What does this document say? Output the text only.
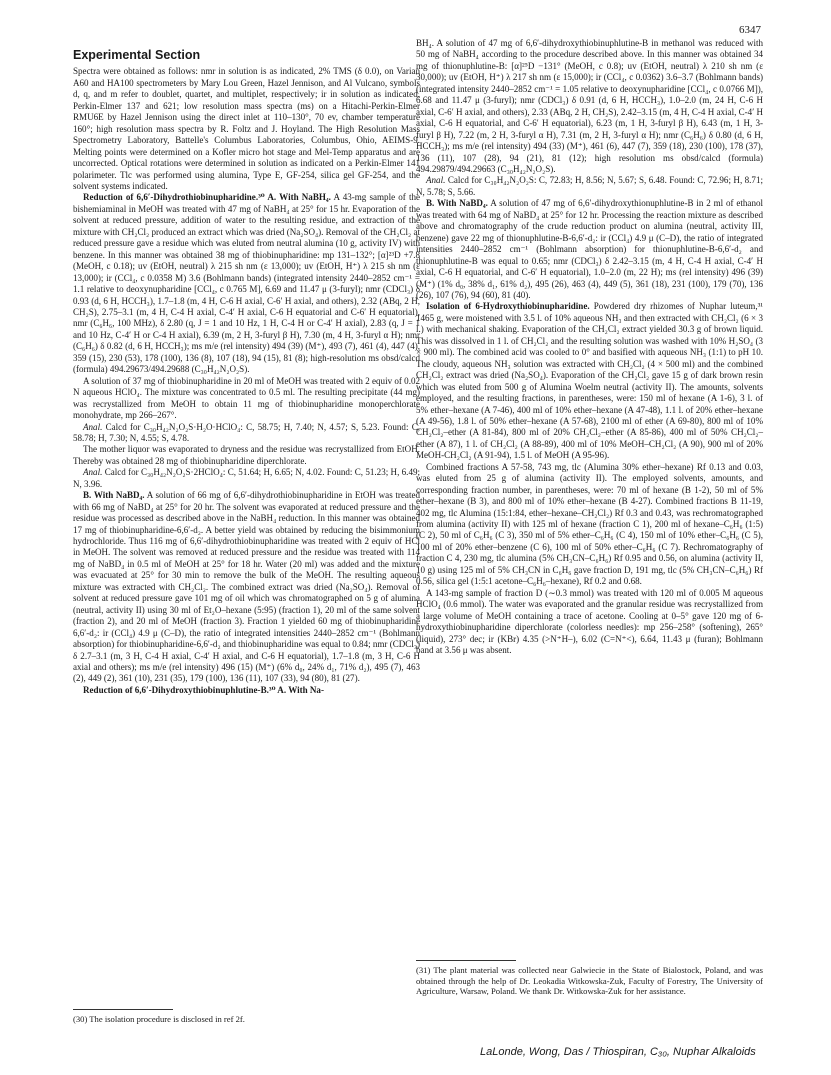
6347
Experimental Section

Spectra were obtained as follows: nmr in solution is as indicated, 2% TMS (δ 0.0), on Varian A60 and HA100 spectrometers by Mary Lou Green, Hazel Jennison, and Al Vulcano, symbols d, q, and m refer to doublet, quartet, and multiplet, respectively; ir in solution as indicated, Perkin-Elmer 137 and 621; low resolution mass spectra (ms) on a Hitachi-Perkin-Elmer RMU6E by Hazel Jennison using the direct inlet at 110–130°, 70 ev, chamber temperature 160°; high resolution mass spectra by R. Foltz and J. Hoyland. The High Resolution Mass Spectrometry Laboratory, Battelle's Columbus Laboratories, Columbus, Ohio, AEIMS-9. Melting points were determined on a Kofler micro hot stage and Mel-Temp apparatus and are uncorrected. Optical rotations were determined in solution as indicated on a Perkin-Elmer 141 polarimeter. Tlc was performed using alumina, Type E, GF-254, silica gel GF-254, and the solvent systems indicated.

Reduction of 6,6′-Dihydrothiobinupharidine.³⁰ A. With NaBH₄. A 43-mg sample of the bishemiaminal in MeOH was treated with 47 mg of NaBH₄ at 25° for 15 hr. Evaporation of the solvent at reduced pressure, addition of water to the resulting residue, and extraction of the mixture with CH₂Cl₂ produced an extract which was dried (Na₂SO₄). Removal of the CH₂Cl₂ at reduced pressure gave a residue which was eluted from neutral alumina (10 g, activity IV) with benzene. In this manner was obtained 38 mg of thiobinupharidine: mp 131–132°; [α]²³D +7.8 (MeOH, c 0.18); uv (EtOH, neutral) λ 215 sh nm (ε 13,000); uv (EtOH, H⁺) λ 215 sh nm (ε 13,000); ir (CCl₄, c 0.0358 M) 3.6 (Bohlmann bands) (integrated intensity 2440–2852 cm⁻¹ = 1.1 relative to deoxynupharidine [CCl₄, c 0.765 M], 6.69 and 11.47 μ (3-furyl); nmr (CDCl₃) δ 0.93 (d, 6 H, HCCH₃), 1.7–1.8 (m, 4 H, C-6 H axial, C-6′ H axial, and others), 2.32 (ABq, 2 H, CH₂S), 2.75–3.1 (m, 4 H, C-4 H axial, C-4′ H axial, C-6 H equatorial and C-6′ H equatorial), nmr (C₆H₆, 100 MHz), δ 2.80 (q, J = 1 and 10 Hz, 1 H, C-4 H or C-4′ H axial), 2.83 (q, J = 1 and 10 Hz, C-4′ H or C-4 H axial), 6.39 (m, 2 H, 3-furyl β H), 7.30 (m, 4 H, 3-furyl α H); nmr (C₆H₆) δ 0.82 (d, 6 H, HCCH₃); ms m/e (rel intensity) 494 (39) (M⁺), 493 (7), 461 (4), 447 (4), 359 (15), 230 (53), 178 (100), 136 (8), 107 (18), 94 (15), 81 (8); high-resolution ms obsd/calcd (formula) 494.29673/494.29688 (C₃₀H₄₂N₂O₂S).

A solution of 37 mg of thiobinupharidine in 20 ml of MeOH was treated with 2 equiv of 0.02 N aqueous HClO₄. The mixture was concentrated to 0.5 ml. The resulting precipitate (44 mg) was recrystallized from MeOH to obtain 11 mg of thiobinupharidine monoperchlorate monohydrate, mp 266–267°.

Anal. Calcd for C₃₀H₄₂N₂O₂S·H₂O·HClO₄: C, 58.75; H, 7.40; N, 4.57; S, 5.23. Found: C, 58.78; H, 7.30; N, 4.55; S, 4.78.

The mother liquor was evaporated to dryness and the residue was recrystallized from EtOH. Thereby was obtained 28 mg of thiobinupharidine diperchlorate.

Anal. Calcd for C₃₀H₄₂N₂O₂S·2HClO₄: C, 51.64; H, 6.65; N, 4.02. Found: C, 51.23; H, 6.49; N, 3.96.

B. With NaBD₄. A solution of 66 mg of 6,6′-dihydrothiobinupharidine in EtOH was treated with 66 mg of NaBD₄ at 25° for 20 hr. The solvent was evaporated at reduced pressure and the residue was processed as described above in the NaBH₄ reduction. In this manner was obtained 17 mg of thiobinupharidine-6,6′-d₂. A better yield was obtained by reducing the bisimmonium hydrochloride. Thus 116 mg of 6,6′-dihydrothiobinupharidine was treated with 2 equiv of HCl in MeOH. The solvent was removed at reduced pressure and the residue was treated with 114 mg of NaBD₄ in 0.5 ml of MeOH at 25° for 18 hr. Water (20 ml) was added and the mixture was evacuated at 25° for 30 min to remove the bulk of the MeOH. The resulting aqueous mixture was extracted with CH₂Cl₂. The combined extract was dried (Na₂SO₄). Removal of solvent at reduced pressure gave 101 mg of oil which was chromatographed on 5 g of alumina (neutral, activity II) using 30 ml of Et₂O–hexane (5:95) (fraction 1), 20 ml of the same solvent (fraction 2), and 20 ml of MeOH (fraction 3). Fraction 1 yielded 60 mg of thiobinupharidine 6,6′-d₂: ir (CCl₄) 4.9 μ (C–D), the ratio of integrated intensities 2440–2852 cm⁻¹ (Bohlmann absorption) for thiobinupharidine-6,6′-d₂ and thiobinupharidine was equal to 0.84; nmr (CDCl₃) δ 2.7–3.1 (m, 3 H, C-4 H axial, C-4′ H axial, and C-6 H equatorial), 1.7–1.8 (m, 3 H, C-6 H axial and others); ms m/e (rel intensity) 496 (15) (M⁺) (6% d₀, 24% d₁, 71% d₂), 495 (7), 463 (2), 449 (2), 361 (10), 231 (35), 179 (100), 136 (11), 107 (33), 94 (80), 81 (27).

Reduction of 6,6′-Dihydroxythiobinuphlutine-B.³⁰ A. With Na-

BH₄. A solution of 47 mg of 6,6′-dihydroxythiobinuphlutine-B in methanol was reduced with 50 mg of NaBH₄ according to the procedure described above. In this manner was obtained 34 mg of thionuphlutine-B: [α]²⁵D −131° (MeOH, c 0.8); uv (EtOH, neutral) λ 210 sh nm (ε 30,000); uv (EtOH, H⁺) λ 217 sh nm (ε 15,000); ir (CCl₄, c 0.0362) 3.6–3.7 (Bohlmann bands) (integrated intensity 2440–2852 cm⁻¹ = 1.05 relative to deoxynupharidine [CCl₄, c 0.0766 M]), 6.68 and 11.47 μ (3-furyl); nmr (CDCl₃) δ 0.91 (d, 6 H, HCCH₃), 1.0–2.0 (m, 24 H, C-6 H axial, C-6′ H axial, and others), 2.33 (ABq, 2 H, CH₂S), 2.42–3.15 (m, 4 H, C-4 H axial, C-4′ H axial, C-6 H equatorial, and C-6′ H equatorial), 6.23 (m, 1 H, 3-furyl β H), 6.43 (m, 1 H, 3-furyl β H), 7.22 (m, 2 H, 3-furyl α H), 7.31 (m, 2 H, 3-furyl α H); nmr (C₆H₆) δ 0.80 (d, 6 H, HCCH₃); ms m/e (rel intensity) 494 (33) (M⁺), 461 (6), 447 (7), 359 (18), 230 (100), 178 (37), 136 (11), 107 (28), 94 (21), 81 (12); high resolution ms obsd/calcd (formula) 494.29879/494.29663 (C₃₀H₄₂N₂O₂S).

Anal. Calcd for C₃₀H₄₂N₂O₂S: C, 72.83; H, 8.56; N, 5.67; S, 6.48. Found: C, 72.96; H, 8.71; N, 5.78; S, 5.66.

B. With NaBD₄. A solution of 47 mg of 6,6′-dihydroxythionuphlutine-B in 2 ml of ethanol was treated with 64 mg of NaBD₄ at 25° for 12 hr. Processing the reaction mixture as described above and chromatography of the crude reduction product on alumina (neutral, activity III, benzene) gave 22 mg of thionuphlutine-B-6,6′-d₂: ir (CCl₄) 4.9 μ (C–D), the ratio of integrated intensities 2440–2852 cm⁻¹ (Bohlmann absorption) for thionuphlutine-B-6,6′-d₂ and thionuphlutine-B was equal to 0.65; nmr (CDCl₃) δ 2.42–3.15 (m, 4 H, C-4 H axial, C-4′ H axial, C-6 H equatorial, and C-6′ H equatorial), 1.0–2.0 (m, 22 H); ms (rel intensity) 496 (39) (M⁺) (1% d₀, 38% d₁, 61% d₂), 495 (26), 463 (4), 449 (5), 361 (18), 231 (100), 179 (70), 136 (26), 107 (76), 94 (60), 81 (40).

Isolation of 6-Hydroxythiobinupharidine. Powdered dry rhizomes of Nuphar luteum,³¹ 1465 g, were moistened with 3.5 l. of 10% aqueous NH₃ and then extracted with CH₂Cl₂ (6 × 3 l.) with mechanical shaking. Evaporation of the CH₂Cl₂ extract yielded 30.3 g of brown liquid. This was dissolved in 1 l. of CH₂Cl₂ and the resulting solution was washed with 10% H₂SO₄ (3 × 900 ml). The combined acid was cooled to 0° and basified with aqueous NH₃ (1:1) to pH 10. The cloudy, aqueous NH₃ solution was extracted with CH₂Cl₂ (4 × 500 ml) and the combined CH₂Cl₂ extract was dried (Na₂SO₄). Evaporation of the CH₂Cl₂ gave 15 g of dark brown resin which was eluted from 500 g of Alumina Woelm neutral (activity II). The amounts, solvents employed, and the resulting fractions, in parentheses, were: 150 ml of hexane (A 1-6), 3 l. of 5% ether–hexane (A 7-46), 400 ml of 10% ether–hexane (A 47-48), 1.1 l. of 20% ether–hexane (A 49-56), 1.8 l. of 50% ether–hexane (A 57-68), 2100 ml of ether (A 69-80), 800 ml of 10% CH₂Cl₂–ether (A 81-84), 800 ml of 20% CH₂Cl₂–ether (A 85-86), 400 ml of 50% CH₂Cl₂–ether (A 87), 1 l. of CH₂Cl₂ (A 88-89), 400 ml of 10% MeOH–CH₂Cl₂ (A 90), 900 ml of 20% MeOH-CH₂Cl₂ (A 91-94), 1.5 l. of MeOH (A 95-96).

Combined fractions A 57-58, 743 mg, tlc (Alumina 30% ether–hexane) Rf 0.13 and 0.03, was eluted from 25 g of alumina (activity II). The employed solvents, amounts, and corresponding fraction number, in parentheses, were: 70 ml of hexane (B 1-2), 50 ml of 5% ether–hexane (B 3), and 800 ml of 10% ether–hexane (B 4-27). Combined fractions B 11-19, 402 mg, tlc Alumina (15:1:84, ether–hexane–CH₂Cl₂) Rf 0.3 and 0.43, was rechromatographed from alumina (activity II) with 125 ml of hexane (fraction C 1), 200 ml of hexane–C₆H₆ (1:5) (C 2), 50 ml of C₆H₆ (C 3), 350 ml of 5% ether–C₆H₆ (C 4), 150 ml of 10% ether–C₆H₆ (C 5), 100 ml of 20% ether–benzene (C 6), 100 ml of 50% ether–C₆H₆ (C 7). Rechromatography of fraction C 4, 230 mg, tlc alumina (5% CH₃CN–C₆H₆) Rf 0.95 and 0.56, on alumina (activity II, 10 g) using 125 ml of 5% CH₃CN in C₆H₆ gave fraction D, 191 mg, tlc (5% CH₃CN–C₆H₆) Rf 0.56, silica gel (1:5:1 acetone–C₆H₆–hexane), Rf 0.2 and 0.68.

A 143-mg sample of fraction D (∼0.3 mmol) was treated with 120 ml of 0.005 M aqueous HClO₄ (0.6 mmol). The water was evaporated and the granular residue was recrystallized from a large volume of MeOH containing a trace of acetone. Cooling at 0–5° gave 120 mg of 6-hydroxythiobinupharidine diperchlorate (colorless needles): mp 256–258° (softening), 265° (liquid), 273° dec; ir (KBr) 4.35 (>N⁺H–), 6.02 (C=N⁺<), 6.64, 11.43 μ (furan); Bohlmann band at 3.56 μ was absent.

(30) The isolation procedure is disclosed in ref 2f.
(31) The plant material was collected near Galwiecie in the State of Bialostock, Poland, and was obtained through the help of Dr. Leokadia Witkowska-Zuk, Faculty of Forestry, The University of Agriculture, Warsaw, Poland. We thank Dr. Witkowska-Zuk for her assistance.
LaLonde, Wong, Das / Thiospiran, C₃₀, Nuphar Alkaloids
